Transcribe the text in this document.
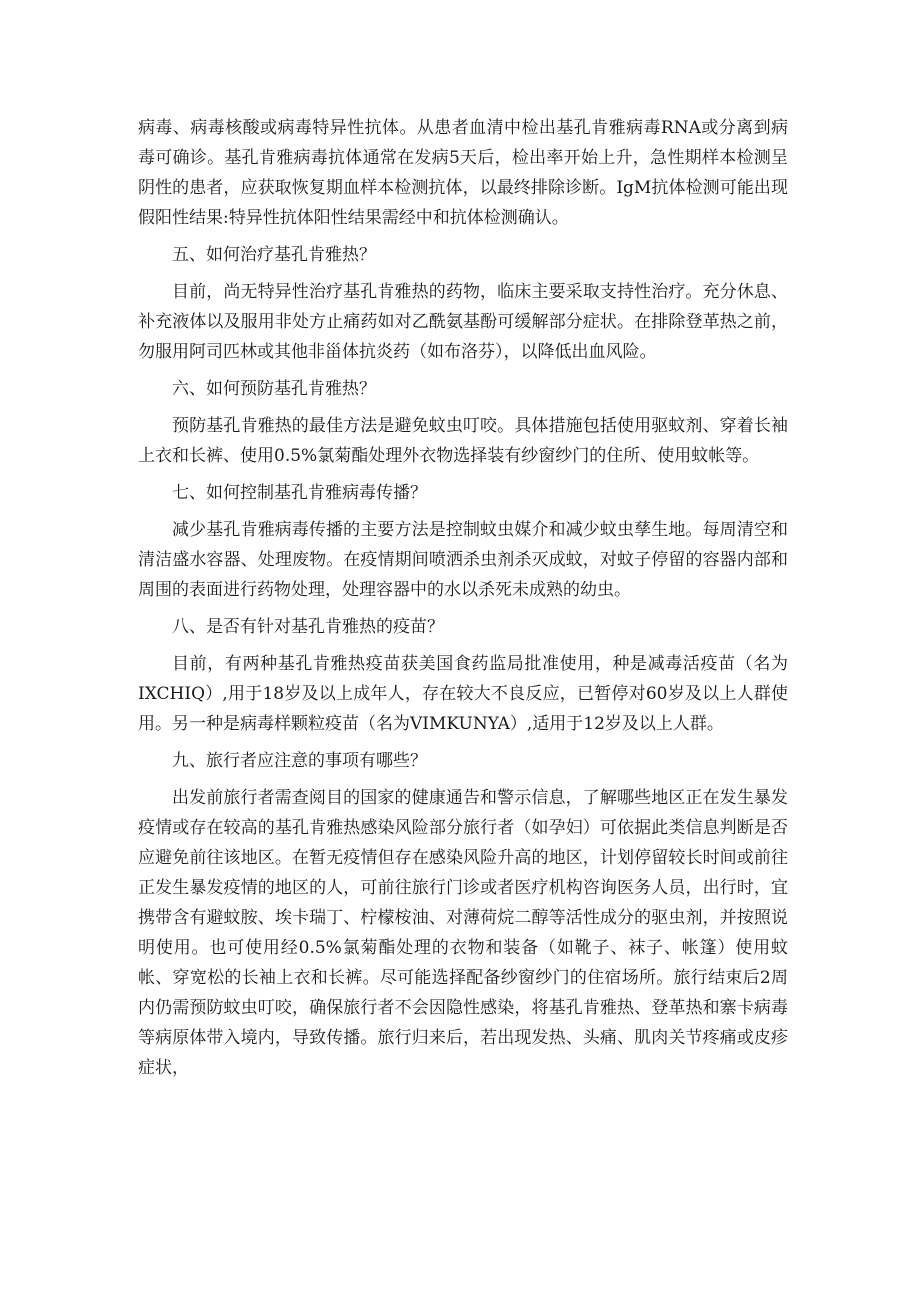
病毒、病毒核酸或病毒特异性抗体。从患者血清中检出基孔肯雅病毒RNA或分离到病毒可确诊。基孔肯雅病毒抗体通常在发病5天后，检出率开始上升，急性期样本检测呈阴性的患者，应获取恢复期血样本检测抗体，以最终排除诊断。IgM抗体检测可能出现假阳性结果:特异性抗体阳性结果需经中和抗体检测确认。

五、如何治疗基孔肯雅热？

目前，尚无特异性治疗基孔肯雅热的药物，临床主要采取支持性治疗。充分休息、补充液体以及服用非处方止痛药如对乙酰氨基酚可缓解部分症状。在排除登革热之前，勿服用阿司匹林或其他非甾体抗炎药（如布洛芬），以降低出血风险。

六、如何预防基孔肯雅热？

预防基孔肯雅热的最佳方法是避免蚊虫叮咬。具体措施包括使用驱蚊剂、穿着长袖上衣和长裤、使用0.5%氯菊酯处理外衣物选择装有纱窗纱门的住所、使用蚊帐等。

七、如何控制基孔肯雅病毒传播？

减少基孔肯雅病毒传播的主要方法是控制蚊虫媒介和减少蚊虫孳生地。每周清空和清洁盛水容器、处理废物。在疫情期间喷洒杀虫剂杀灭成蚊，对蚊子停留的容器内部和周围的表面进行药物处理，处理容器中的水以杀死未成熟的幼虫。

八、是否有针对基孔肯雅热的疫苗？

目前，有两种基孔肯雅热疫苗获美国食药监局批准使用，种是减毒活疫苗（名为IXCHIQ）,用于18岁及以上成年人，存在较大不良反应，已暂停对60岁及以上人群使用。另一种是病毒样颗粒疫苗（名为VIMKUNYA）,适用于12岁及以上人群。

九、旅行者应注意的事项有哪些？

出发前旅行者需查阅目的国家的健康通告和警示信息，了解哪些地区正在发生暴发疫情或存在较高的基孔肯雅热感染风险部分旅行者（如孕妇）可依据此类信息判断是否应避免前往该地区。在暂无疫情但存在感染风险升高的地区，计划停留较长时间或前往正发生暴发疫情的地区的人，可前往旅行门诊或者医疗机构咨询医务人员，出行时，宜携带含有避蚊胺、埃卡瑞丁、柠檬桉油、对薄荷烷二醇等活性成分的驱虫剂，并按照说明使用。也可使用经0.5%氯菊酯处理的衣物和装备（如靴子、袜子、帐篷）使用蚊帐、穿宽松的长袖上衣和长裤。尽可能选择配备纱窗纱门的住宿场所。旅行结束后2周内仍需预防蚊虫叮咬，确保旅行者不会因隐性感染，将基孔肯雅热、登革热和寨卡病毒等病原体带入境内，导致传播。旅行归来后，若出现发热、头痛、肌肉关节疼痛或皮疹症状，
